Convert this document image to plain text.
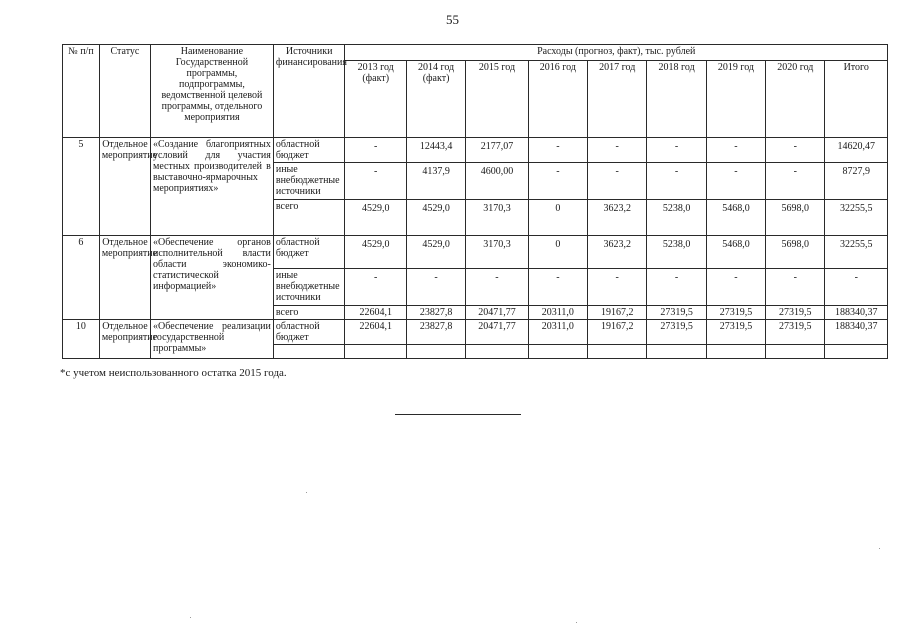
55
№ п/п	Статус	Наименование Государственной программы, подпрограммы, ведомственной целевой программы, отдельного мероприятия	Источники финансирования	Расходы (прогноз, факт), тыс. рублей								
				2013 год (факт)	2014 год (факт)	2015 год	2016 год	2017 год	2018 год	2019 год	2020 год	Итого
5	Отдельное мероприятие	«Создание благоприятных условий для участия местных производителей в выставочно-ярмарочных мероприятиях»	областной бюджет	-	12443,4	2177,07	-	-	-	-	-	14620,47
			иные внебюджетные источники	-	4137,9	4600,00	-	-	-	-	-	8727,9
			всего	4529,0	4529,0	3170,3	0	3623,2	5238,0	5468,0	5698,0	32255,5
6	Отдельное мероприятие	«Обеспечение органов исполнительной власти области экономико-статистической информацией»	областной бюджет	4529,0	4529,0	3170,3	0	3623,2	5238,0	5468,0	5698,0	32255,5
			иные внебюджетные источники	-	-	-	-	-	-	-	-	-
			всего	22604,1	23827,8	20471,77	20311,0	19167,2	27319,5	27319,5	27319,5	188340,37
10	Отдельное мероприятие	«Обеспечение реализации государственной программы»	областной бюджет	22604,1	23827,8	20471,77	20311,0	19167,2	27319,5	27319,5	27319,5	188340,37

*с учетом неиспользованного остатка 2015 года.
